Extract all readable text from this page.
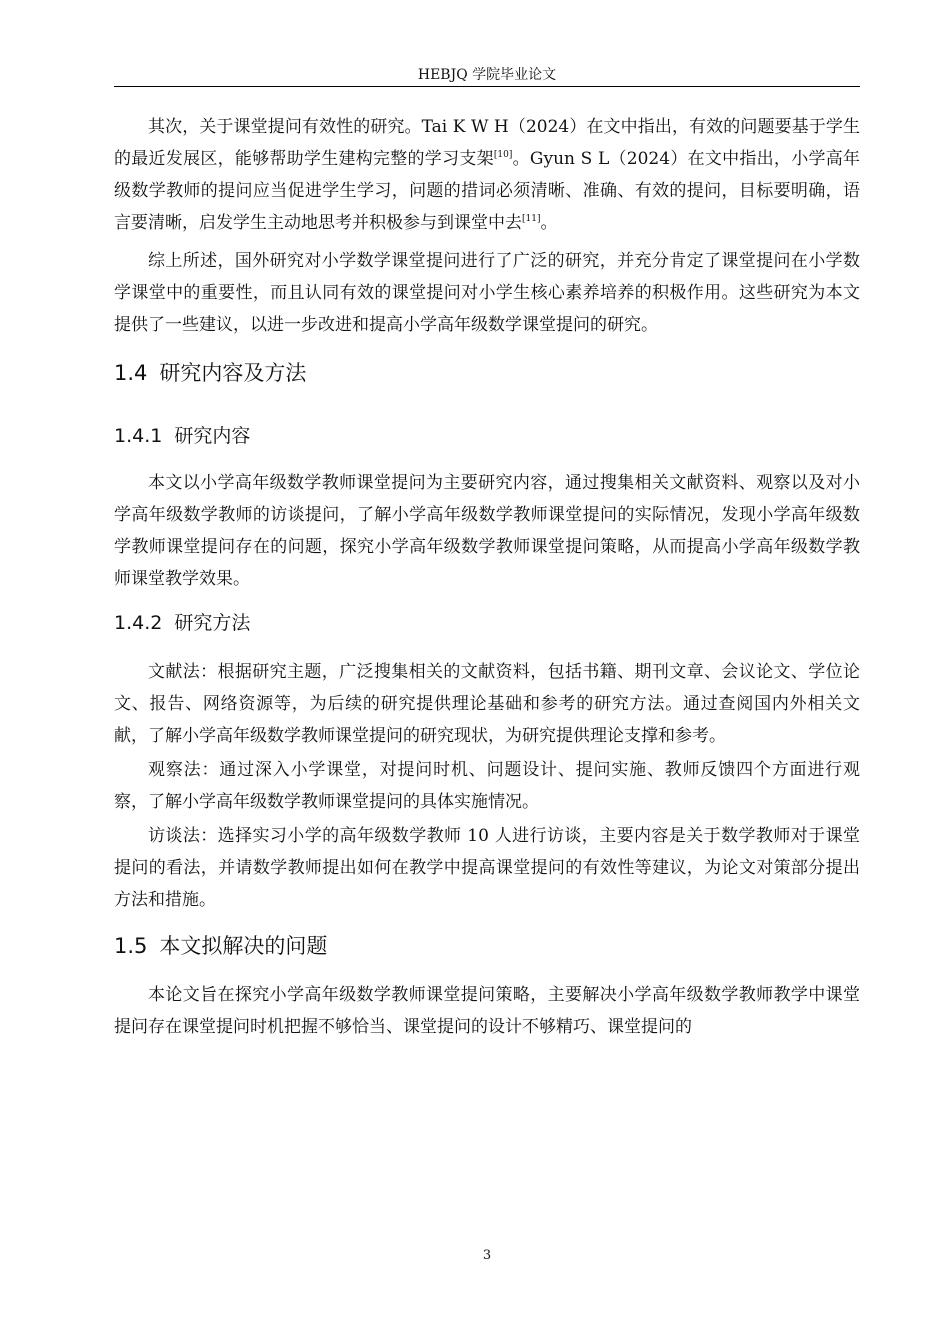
HEBJQ 学院毕业论文

其次，关于课堂提问有效性的研究。Tai K W H（2024）在文中指出，有效的问题要基于学生的最近发展区，能够帮助学生建构完整的学习支架[10]。Gyun S L（2024）在文中指出，小学高年级数学教师的提问应当促进学生学习，问题的措词必须清晰、准确、有效的提问，目标要明确，语言要清晰，启发学生主动地思考并积极参与到课堂中去[11]。

综上所述，国外研究对小学数学课堂提问进行了广泛的研究，并充分肯定了课堂提问在小学数学课堂中的重要性，而且认同有效的课堂提问对小学生核心素养培养的积极作用。这些研究为本文提供了一些建议，以进一步改进和提高小学高年级数学课堂提问的研究。

1.4 研究内容及方法
1.4.1 研究内容

本文以小学高年级数学教师课堂提问为主要研究内容，通过搜集相关文献资料、观察以及对小学高年级数学教师的访谈提问，了解小学高年级数学教师课堂提问的实际情况，发现小学高年级数学教师课堂提问存在的问题，探究小学高年级数学教师课堂提问策略，从而提高小学高年级数学教师课堂教学效果。

1.4.2 研究方法

文献法：根据研究主题，广泛搜集相关的文献资料，包括书籍、期刊文章、会议论文、学位论文、报告、网络资源等，为后续的研究提供理论基础和参考的研究方法。通过查阅国内外相关文献，了解小学高年级数学教师课堂提问的研究现状，为研究提供理论支撑和参考。

观察法：通过深入小学课堂，对提问时机、问题设计、提问实施、教师反馈四个方面进行观察，了解小学高年级数学教师课堂提问的具体实施情况。

访谈法：选择实习小学的高年级数学教师 10 人进行访谈，主要内容是关于数学教师对于课堂提问的看法，并请数学教师提出如何在教学中提高课堂提问的有效性等建议，为论文对策部分提出方法和措施。

1.5 本文拟解决的问题

本论文旨在探究小学高年级数学教师课堂提问策略，主要解决小学高年级数学教师教学中课堂提问存在课堂提问时机把握不够恰当、课堂提问的设计不够精巧、课堂提问的

3
